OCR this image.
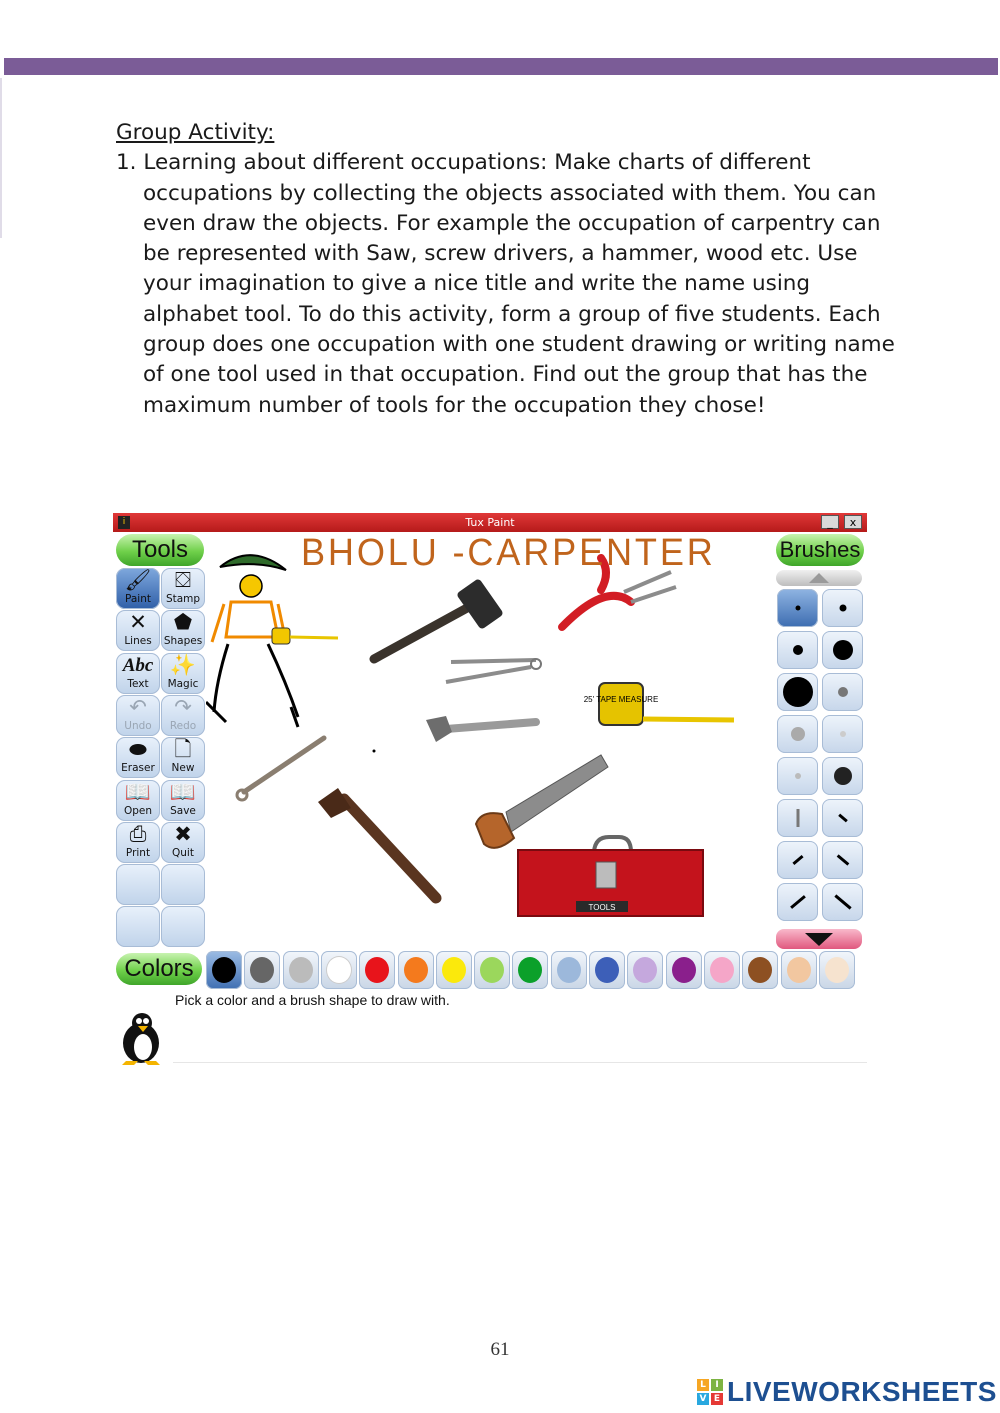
Group Activity:
1. Learning about different occupations: Make charts of different occupations by collecting the objects associated with them. You can even draw the objects. For example the occupation of carpentry can be represented with Saw, screw drivers, a hammer, wood etc. Use your imagination to give a nice title and write the name using alphabet tool. To do this activity, form a group of five students. Each group does one occupation with one student drawing or writing name of one tool used in that occupation. Find out the group that has the maximum number of tools for the occupation they chose!
i	Tux Paint	_	x
Tools
🖌
Paint
⛋
Stamp
✕
Lines
⬟
Shapes
Abc
Text
✨
Magic
↶
Undo
↷
Redo
⬬
Eraser
🗋
New
📖
Open
📖
Save
⎙
Print
✖
Quit
25' TAPE MEASURE
TOOLS
BHOLU -CARPENTER	Brushes
Colors
Pick a color and a brush shape to draw with.
61
L	I
V E LIVEWORKSHEETS
